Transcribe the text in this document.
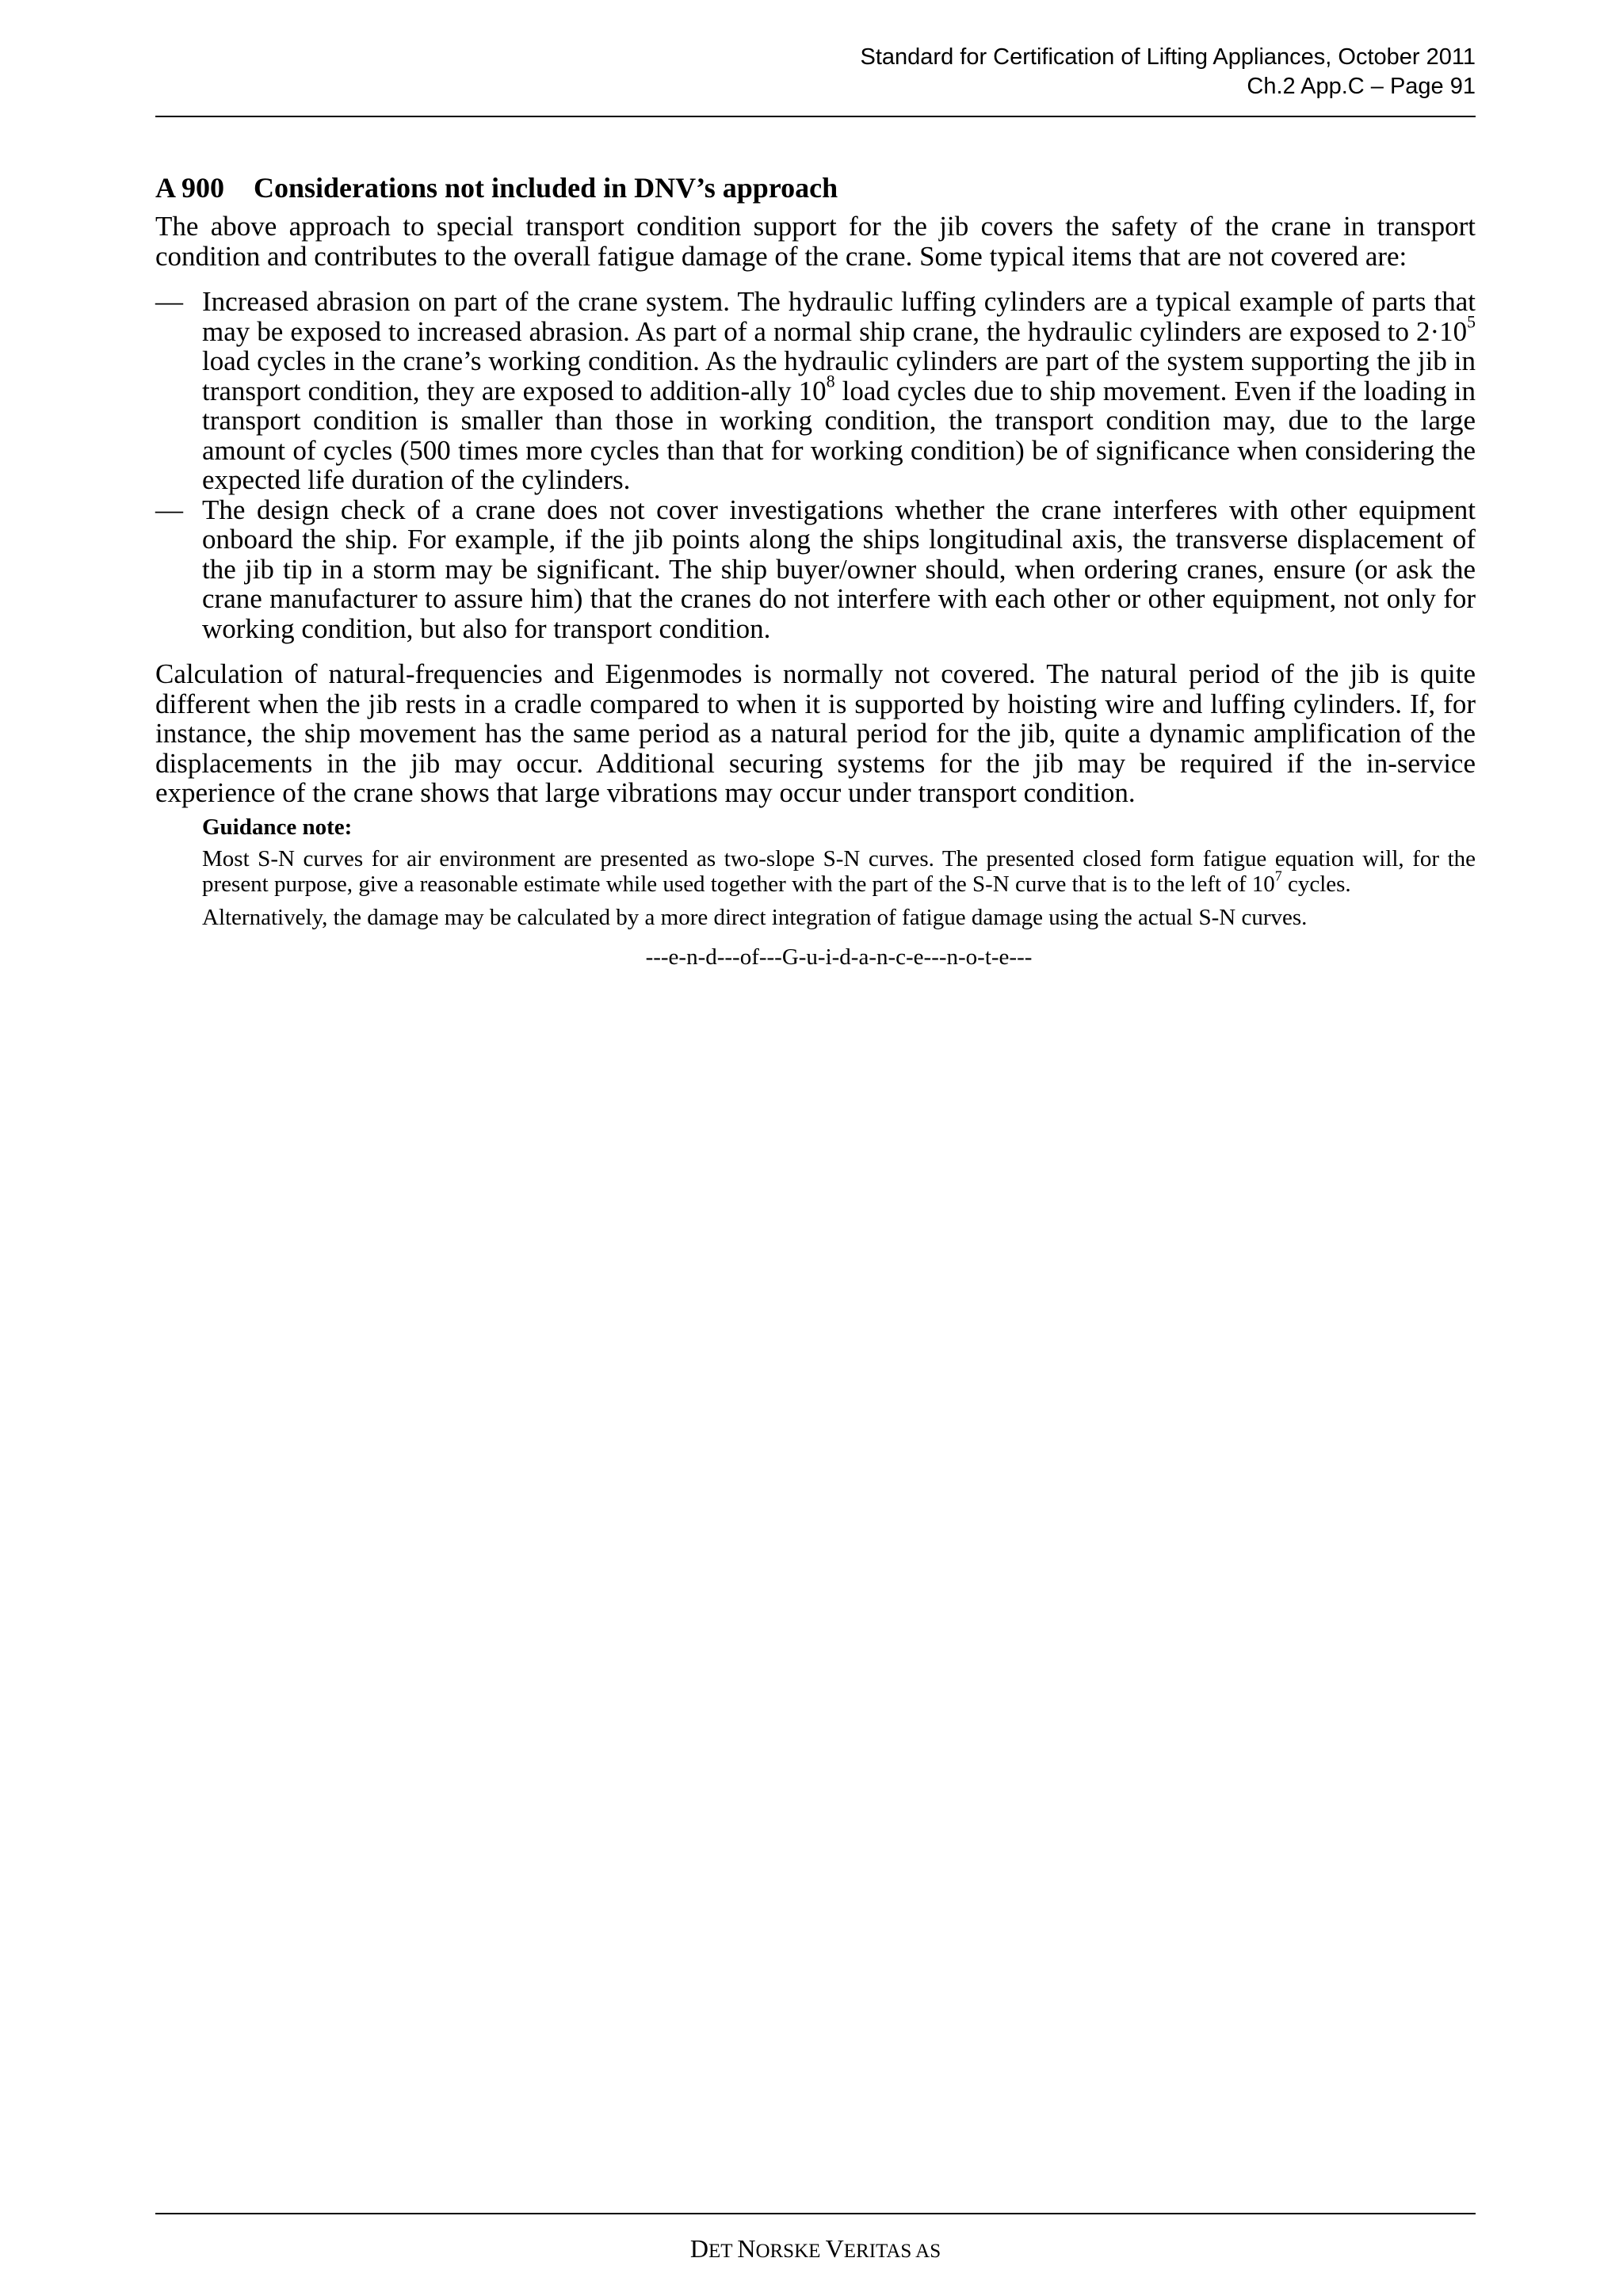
Standard for Certification of Lifting Appliances, October 2011
Ch.2 App.C – Page 91
A 900 Considerations not included in DNV’s approach

The above approach to special transport condition support for the jib covers the safety of the crane in transport condition and contributes to the overall fatigue damage of the crane. Some typical items that are not covered are:

— Increased abrasion on part of the crane system. The hydraulic luffing cylinders are a typical example of parts that may be exposed to increased abrasion. As part of a normal ship crane, the hydraulic cylinders are exposed to $2\cdot 10^5$ load cycles in the crane’s working condition. As the hydraulic cylinders are part of the system supporting the jib in transport condition, they are exposed to addition-ally $10^8$ load cycles due to ship movement. Even if the loading in transport condition is smaller than those in working condition, the transport condition may, due to the large amount of cycles (500 times more cycles than that for working condition) be of significance when considering the expected life duration of the cylinders.
— The design check of a crane does not cover investigations whether the crane interferes with other equipment onboard the ship. For example, if the jib points along the ships longitudinal axis, the transverse displacement of the jib tip in a storm may be significant. The ship buyer/owner should, when ordering cranes, ensure (or ask the crane manufacturer to assure him) that the cranes do not interfere with each other or other equipment, not only for working condition, but also for transport condition.

Calculation of natural-frequencies and Eigenmodes is normally not covered. The natural period of the jib is quite different when the jib rests in a cradle compared to when it is supported by hoisting wire and luffing cylinders. If, for instance, the ship movement has the same period as a natural period for the jib, quite a dynamic amplification of the displacements in the jib may occur. Additional securing systems for the jib may be required if the in-service experience of the crane shows that large vibrations may occur under transport condition.

Guidance note:

Most S-N curves for air environment are presented as two-slope S-N curves. The presented closed form fatigue equation will, for the present purpose, give a reasonable estimate while used together with the part of the S-N curve that is to the left of $10^7$ cycles.

Alternatively, the damage may be calculated by a more direct integration of fatigue damage using the actual S-N curves.

---e-n-d---of---G-u-i-d-a-n-c-e---n-o-t-e---
DET NORSKE VERITAS AS
